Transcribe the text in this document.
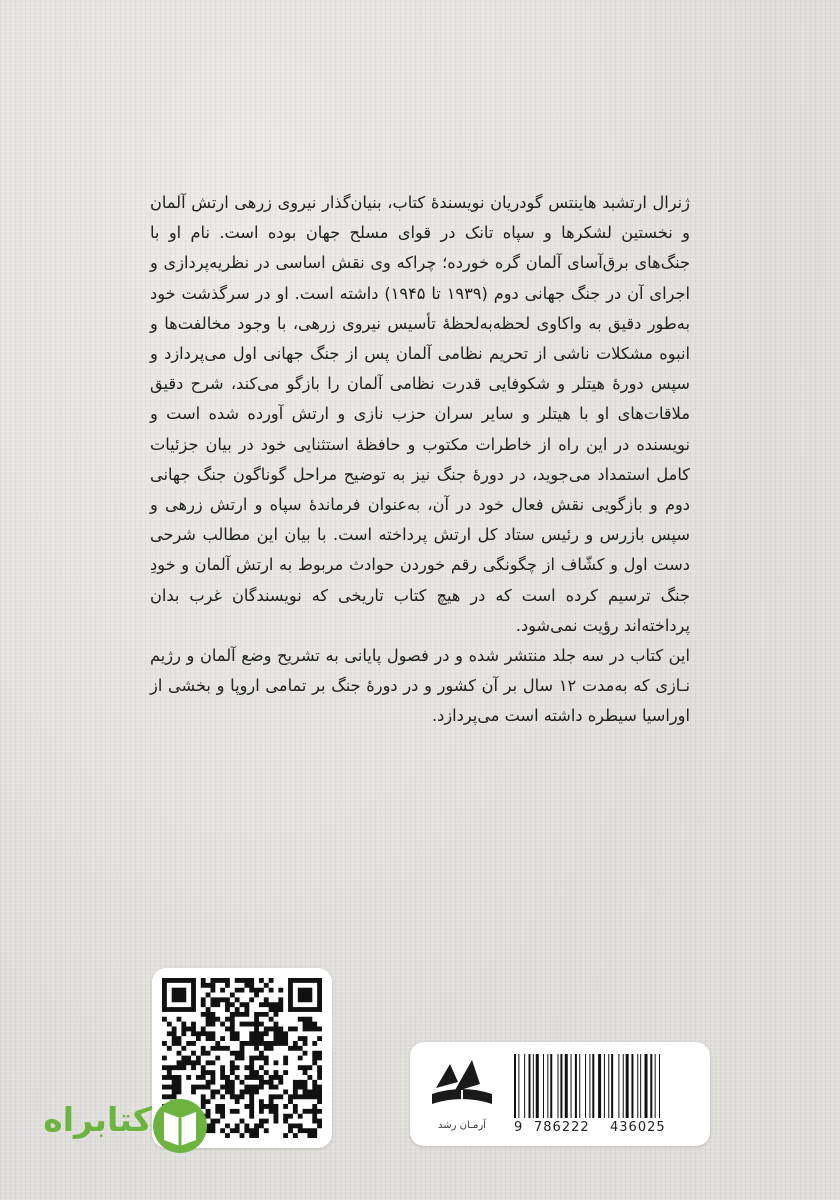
ژنرال ارتشبد هاینتس گودریان نویسندهٔ کتاب، بنیان‌گذار نیروی زرهی ارتش آلمان و نخستین لشکرها و سپاه تانک در قوای مسلح جهان بوده است. نام او با جنگ‌های برق‌آسای آلمان گره خورده؛ چراکه وی نقش اساسی در نظریه‌پردازی و اجرای آن در جنگ جهانی دوم (۱۹۳۹ تا ۱۹۴۵) داشته است. او در سرگذشت خود به‌طور دقیق به واکاوی لحظه‌به‌لحظهٔ تأسیس نیروی زرهی، با وجود مخالفت‌ها و انبوه مشکلات ناشی از تحریم نظامی آلمان پس از جنگ جهانی اول می‌پردازد و سپس دورهٔ هیتلر و شکوفایی قدرت نظامی آلمان را بازگو می‌کند، شرح دقیق ملاقات‌های او با هیتلر و سایر سران حزب نازی و ارتش آورده شده است و نویسنده در این راه از خاطرات مکتوب و حافظهٔ استثنایی خود در بیان جزئیات کامل استمداد می‌جوید، در دورهٔ جنگ نیز به توضیح مراحل گوناگون جنگ جهانی دوم و بازگویی نقش فعال خود در آن، به‌عنوان فرماندهٔ سپاه و ارتش زرهی و سپس بازرس و رئیس ستاد کل ارتش پرداخته است. با بیان این مطالب شرحی دست اول و کشّاف از چگونگی رقم خوردن حوادث مربوط به ارتش آلمان و خودِ جنگ ترسیم کرده است که در هیچ کتاب تاریخی که نویسندگان غرب بدان پرداخته‌اند رؤیت نمی‌شود.

این کتاب در سه جلد منتشر شده و در فصول پایانی به تشریح وضع آلمان و رژیم نـازی که به‌مدت ۱۲ سال بر آن کشور و در دورهٔ جنگ بر تمامی اروپا و بخشی از اوراسیا سیطره داشته است می‌پردازد.

آرمـان رشد	9 786222 436025
کتابراه
